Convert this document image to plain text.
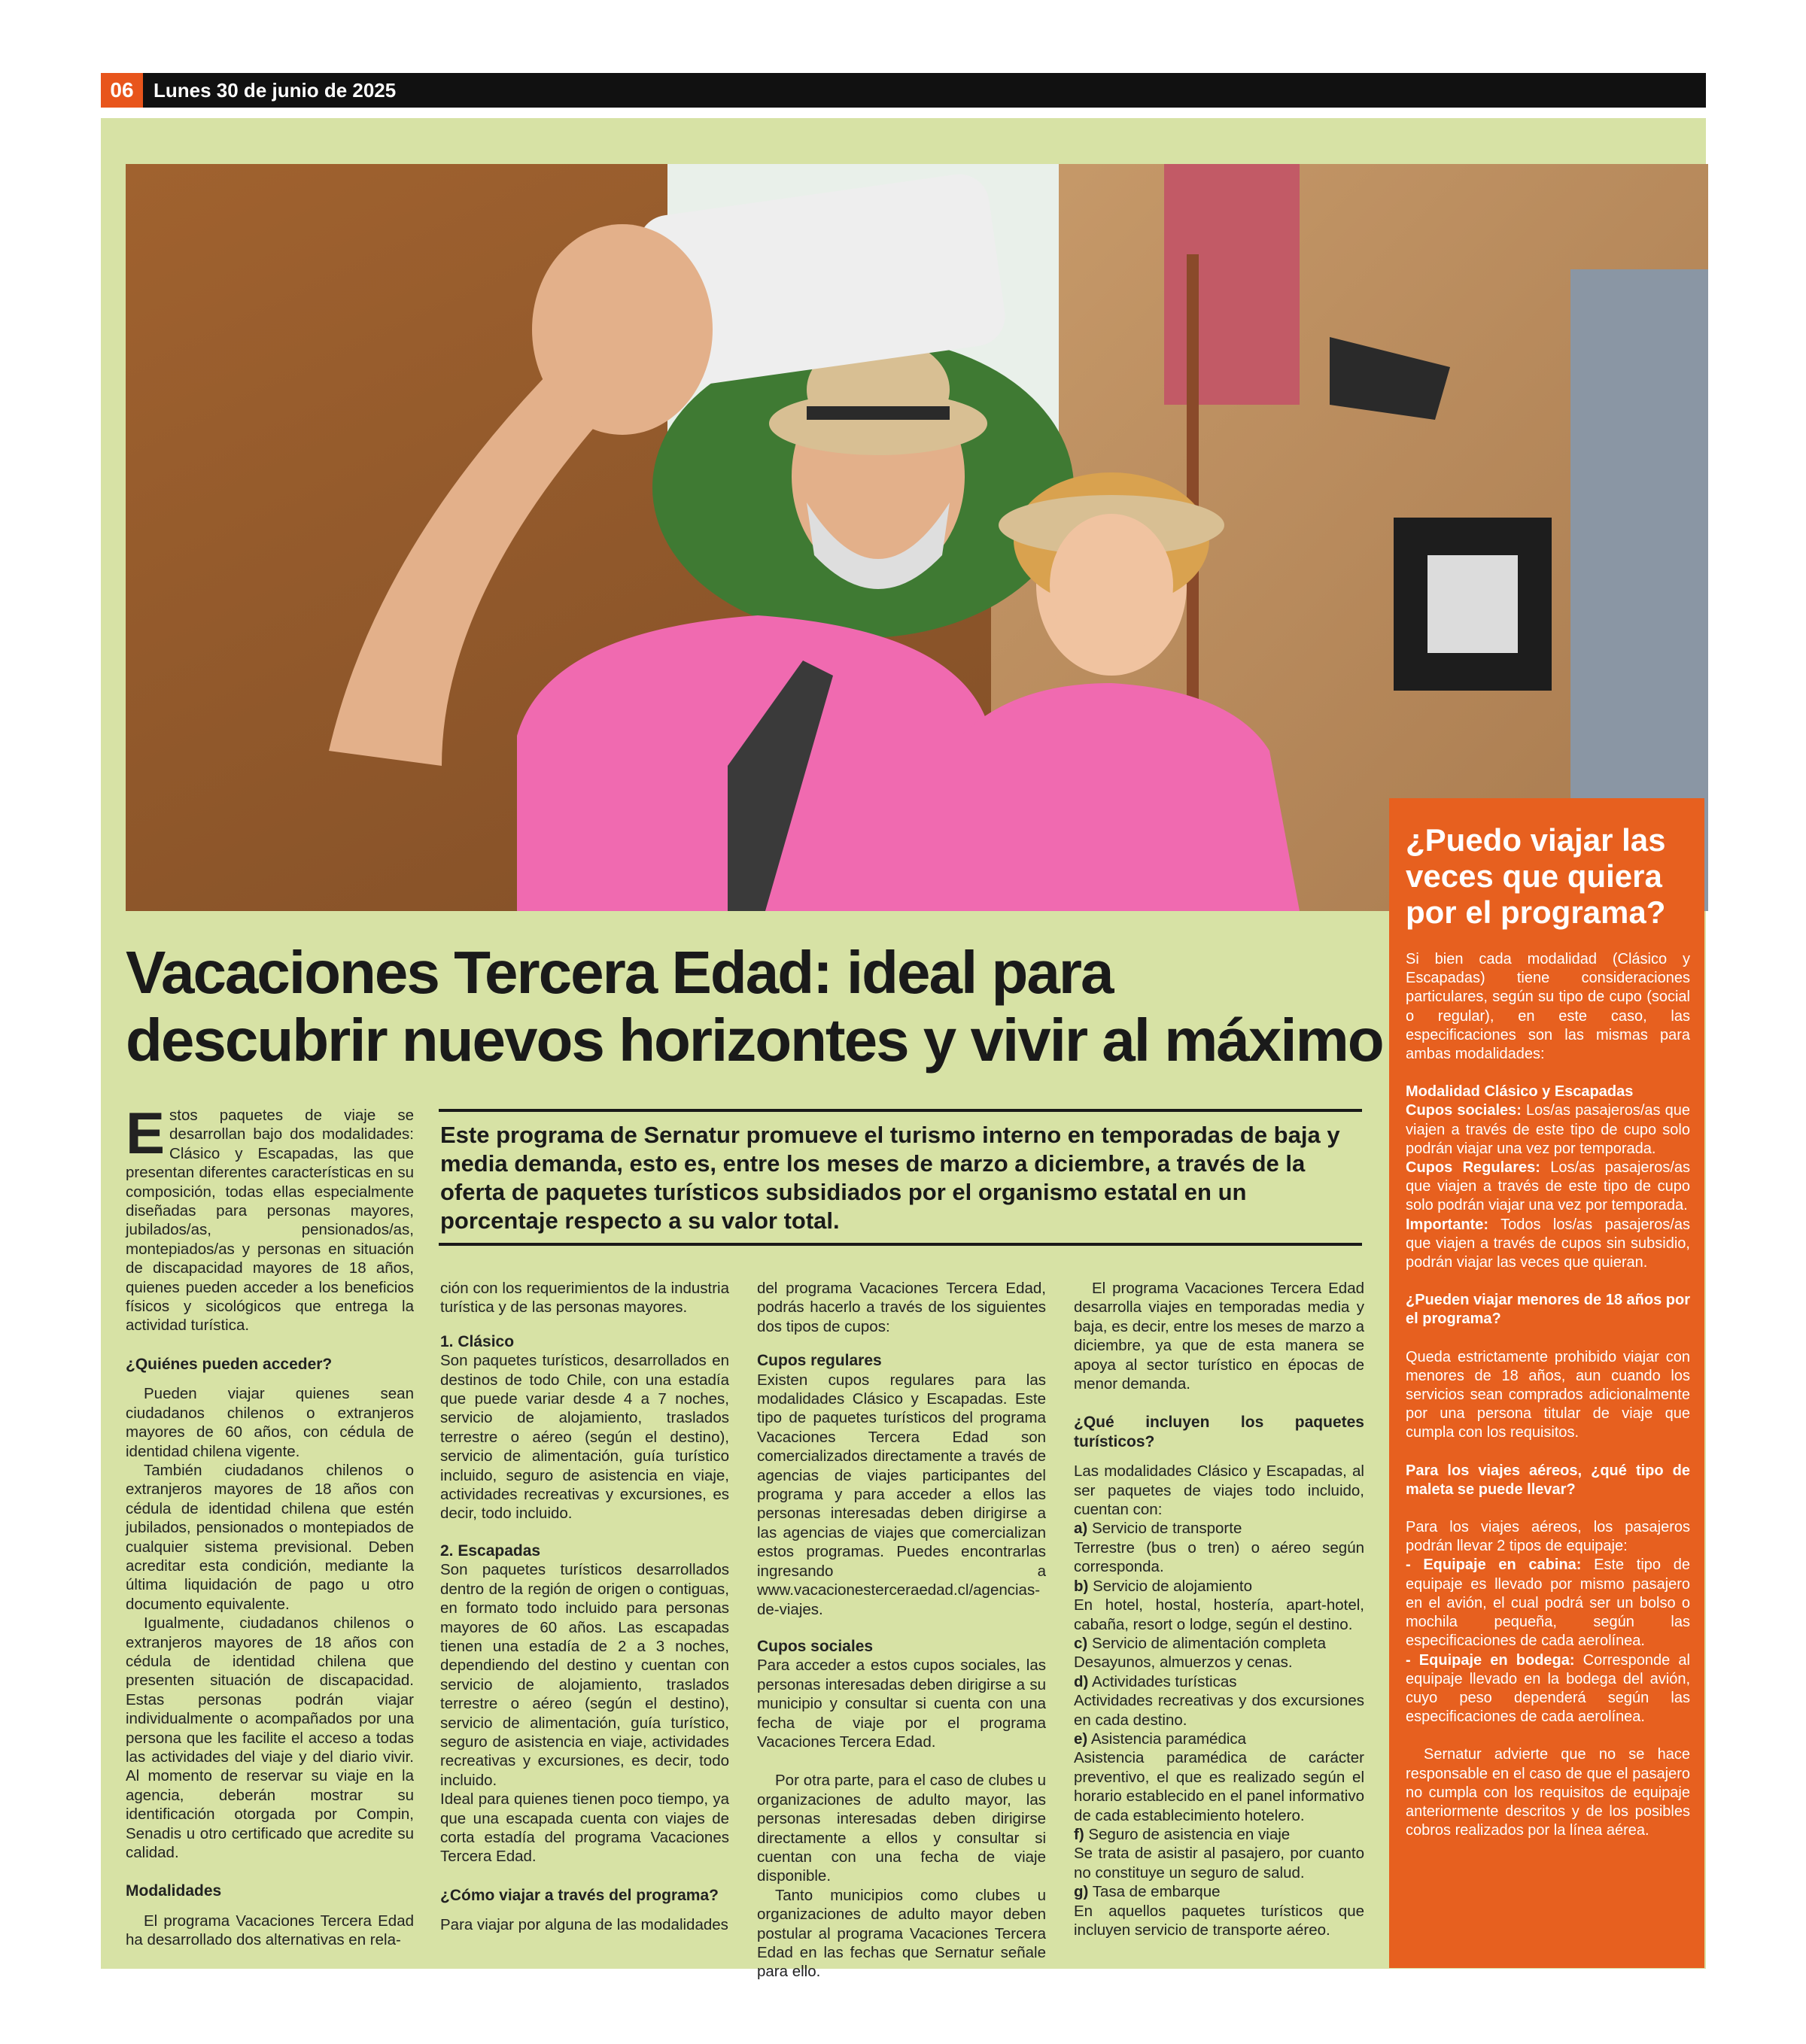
06	Lunes 30 de junio de 2025
Vacaciones Tercera Edad: ideal para
descubrir nuevos horizontes y vivir al máximo

Estos paquetes de viaje se desarrollan bajo dos modalidades: Clásico y Escapadas, las que presentan diferentes características en su composición, todas ellas especialmente diseñadas para personas mayores, jubilados/as, pensionados/as, montepiados/as y personas en situación de discapacidad mayores de 18 años, quienes pueden acceder a los beneficios físicos y sicológicos que entrega la actividad turística.

¿Quiénes pueden acceder?

Pueden viajar quienes sean ciudadanos chilenos o extranjeros mayores de 60 años, con cédula de identidad chilena vigente.

También ciudadanos chilenos o extranjeros mayores de 18 años con cédula de identidad chilena que estén jubilados, pensionados o montepiados de cualquier sistema previsional. Deben acreditar esta condición, mediante la última liquidación de pago u otro documento equivalente.

Igualmente, ciudadanos chilenos o extranjeros mayores de 18 años con cédula de identidad chilena que presenten situación de discapacidad. Estas personas podrán viajar individualmente o acompañados por una persona que les facilite el acceso a todas las actividades del viaje y del diario vivir. Al momento de reservar su viaje en la agencia, deberán mostrar su identificación otorgada por Compin, Senadis u otro certificado que acredite su calidad.

Modalidades

El programa Vacaciones Tercera Edad ha desarrollado dos alternativas en rela-

Este programa de Sernatur promueve el turismo interno en temporadas de baja y media demanda, esto es, entre los meses de marzo a diciembre, a través de la oferta de paquetes turísticos subsidiados por el organismo estatal en un porcentaje respecto a su valor total.

ción con los requerimientos de la industria turística y de las personas mayores.

1. Clásico

Son paquetes turísticos, desarrollados en destinos de todo Chile, con una estadía que puede variar desde 4 a 7 noches, servicio de alojamiento, traslados terrestre o aéreo (según el destino), servicio de alimentación, guía turístico incluido, seguro de asistencia en viaje, actividades recreativas y excursiones, es decir, todo incluido.

2. Escapadas

Son paquetes turísticos desarrollados dentro de la región de origen o contiguas, en formato todo incluido para personas mayores de 60 años. Las escapadas tienen una estadía de 2 a 3 noches, dependiendo del destino y cuentan con servicio de alojamiento, traslados terrestre o aéreo (según el destino), servicio de alimentación, guía turístico, seguro de asistencia en viaje, actividades recreativas y excursiones, es decir, todo incluido.

Ideal para quienes tienen poco tiempo, ya que una escapada cuenta con viajes de corta estadía del programa Vacaciones Tercera Edad.

¿Cómo viajar a través del programa?

Para viajar por alguna de las modalidades

del programa Vacaciones Tercera Edad, podrás hacerlo a través de los siguientes dos tipos de cupos:

Cupos regulares

Existen cupos regulares para las modalidades Clásico y Escapadas. Este tipo de paquetes turísticos del programa Vacaciones Tercera Edad son comercializados directamente a través de agencias de viajes participantes del programa y para acceder a ellos las personas interesadas deben dirigirse a las agencias de viajes que comercializan estos programas. Puedes encontrarlas ingresando a www.vacacionesterceraedad.cl/agencias-de-viajes.

Cupos sociales

Para acceder a estos cupos sociales, las personas interesadas deben dirigirse a su municipio y consultar si cuenta con una fecha de viaje por el programa Vacaciones Tercera Edad.

Por otra parte, para el caso de clubes u organizaciones de adulto mayor, las personas interesadas deben dirigirse directamente a ellos y consultar si cuentan con una fecha de viaje disponible.

Tanto municipios como clubes u organizaciones de adulto mayor deben postular al programa Vacaciones Tercera Edad en las fechas que Sernatur señale para ello.

El programa Vacaciones Tercera Edad desarrolla viajes en temporadas media y baja, es decir, entre los meses de marzo a diciembre, ya que de esta manera se apoya al sector turístico en épocas de menor demanda.

¿Qué incluyen los paquetes turísticos?

Las modalidades Clásico y Escapadas, al ser paquetes de viajes todo incluido, cuentan con:

a) Servicio de transporte
Terrestre (bus o tren) o aéreo según corresponda.
b) Servicio de alojamiento
En hotel, hostal, hostería, apart-hotel, cabaña, resort o lodge, según el destino.
c) Servicio de alimentación completa
Desayunos, almuerzos y cenas.
d) Actividades turísticas
Actividades recreativas y dos excursiones en cada destino.
e) Asistencia paramédica
Asistencia paramédica de carácter preventivo, el que es realizado según el horario establecido en el panel informativo de cada establecimiento hotelero.
f) Seguro de asistencia en viaje
Se trata de asistir al pasajero, por cuanto no constituye un seguro de salud.
g) Tasa de embarque
En aquellos paquetes turísticos que incluyen servicio de transporte aéreo.
¿Puedo viajar las veces que quiera por el programa?

Si bien cada modalidad (Clásico y Escapadas) tiene consideraciones particulares, según su tipo de cupo (social o regular), en este caso, las especificaciones son las mismas para ambas modalidades:

Modalidad Clásico y Escapadas

Cupos sociales: Los/as pasajeros/as que viajen a través de este tipo de cupo solo podrán viajar una vez por temporada.

Cupos Regulares: Los/as pasajeros/as que viajen a través de este tipo de cupo solo podrán viajar una vez por temporada.

Importante: Todos los/as pasajeros/as que viajen a través de cupos sin subsidio, podrán viajar las veces que quieran.

¿Pueden viajar menores de 18 años por el programa?

Queda estrictamente prohibido viajar con menores de 18 años, aun cuando los servicios sean comprados adicionalmente por una persona titular de viaje que cumpla con los requisitos.

Para los viajes aéreos, ¿qué tipo de maleta se puede llevar?

Para los viajes aéreos, los pasajeros podrán llevar 2 tipos de equipaje:

- Equipaje en cabina: Este tipo de equipaje es llevado por mismo pasajero en el avión, el cual podrá ser un bolso o mochila pequeña, según las especificaciones de cada aerolínea.

- Equipaje en bodega: Corresponde al equipaje llevado en la bodega del avión, cuyo peso dependerá según las especificaciones de cada aerolínea.

Sernatur advierte que no se hace responsable en el caso de que el pasajero no cumpla con los requisitos de equipaje anteriormente descritos y de los posibles cobros realizados por la línea aérea.
